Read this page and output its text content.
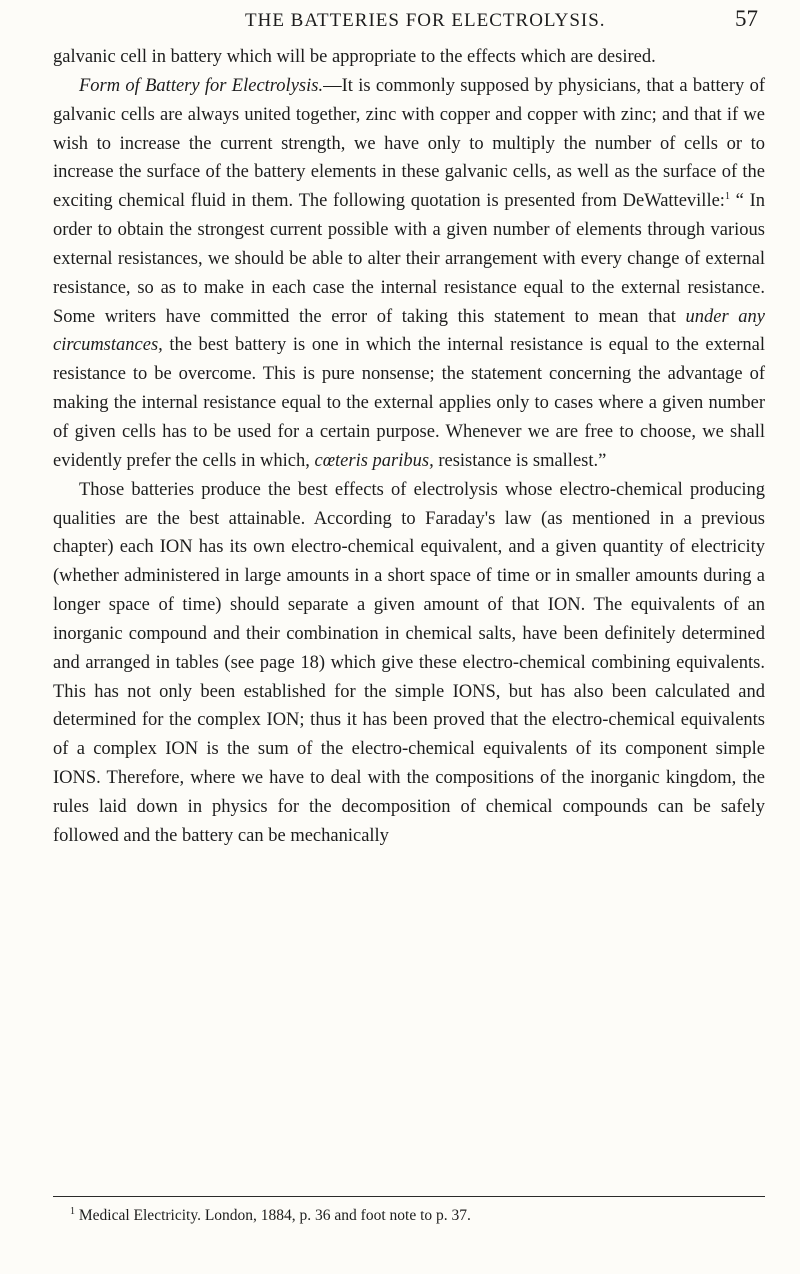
THE BATTERIES FOR ELECTROLYSIS.	57

galvanic cell in battery which will be appropriate to the effects which are desired.

Form of Battery for Electrolysis.—It is commonly supposed by physicians, that a battery of galvanic cells are always united together, zinc with copper and copper with zinc; and that if we wish to increase the current strength, we have only to multiply the number of cells or to increase the surface of the battery elements in these galvanic cells, as well as the surface of the exciting chemical fluid in them. The following quotation is presented from DeWatteville:$^1$ “ In order to obtain the strongest current possible with a given number of elements through various external resistances, we should be able to alter their arrangement with every change of external resistance, so as to make in each case the internal resistance equal to the external resistance. Some writers have committed the error of taking this statement to mean that under any circumstances, the best battery is one in which the internal resistance is equal to the external resistance to be overcome. This is pure nonsense; the statement concerning the advantage of making the internal resistance equal to the external applies only to cases where a given number of given cells has to be used for a certain purpose. Whenever we are free to choose, we shall evidently prefer the cells in which, cœteris paribus, resistance is smallest.”

Those batteries produce the best effects of electrolysis whose electro-chemical producing qualities are the best attainable. According to Faraday's law (as mentioned in a previous chapter) each ION has its own electro-chemical equivalent, and a given quantity of electricity (whether administered in large amounts in a short space of time or in smaller amounts during a longer space of time) should separate a given amount of that ION. The equivalents of an inorganic compound and their combination in chemical salts, have been definitely determined and arranged in tables (see page 18) which give these electro-chemical combining equivalents. This has not only been established for the simple IONS, but has also been calculated and determined for the complex ION; thus it has been proved that the electro-chemical equivalents of a complex ION is the sum of the electro-chemical equivalents of its component simple IONS. Therefore, where we have to deal with the compositions of the inorganic kingdom, the rules laid down in physics for the decomposition of chemical compounds can be safely followed and the battery can be mechanically

$^1$ Medical Electricity. London, 1884, p. 36 and foot note to p. 37.
